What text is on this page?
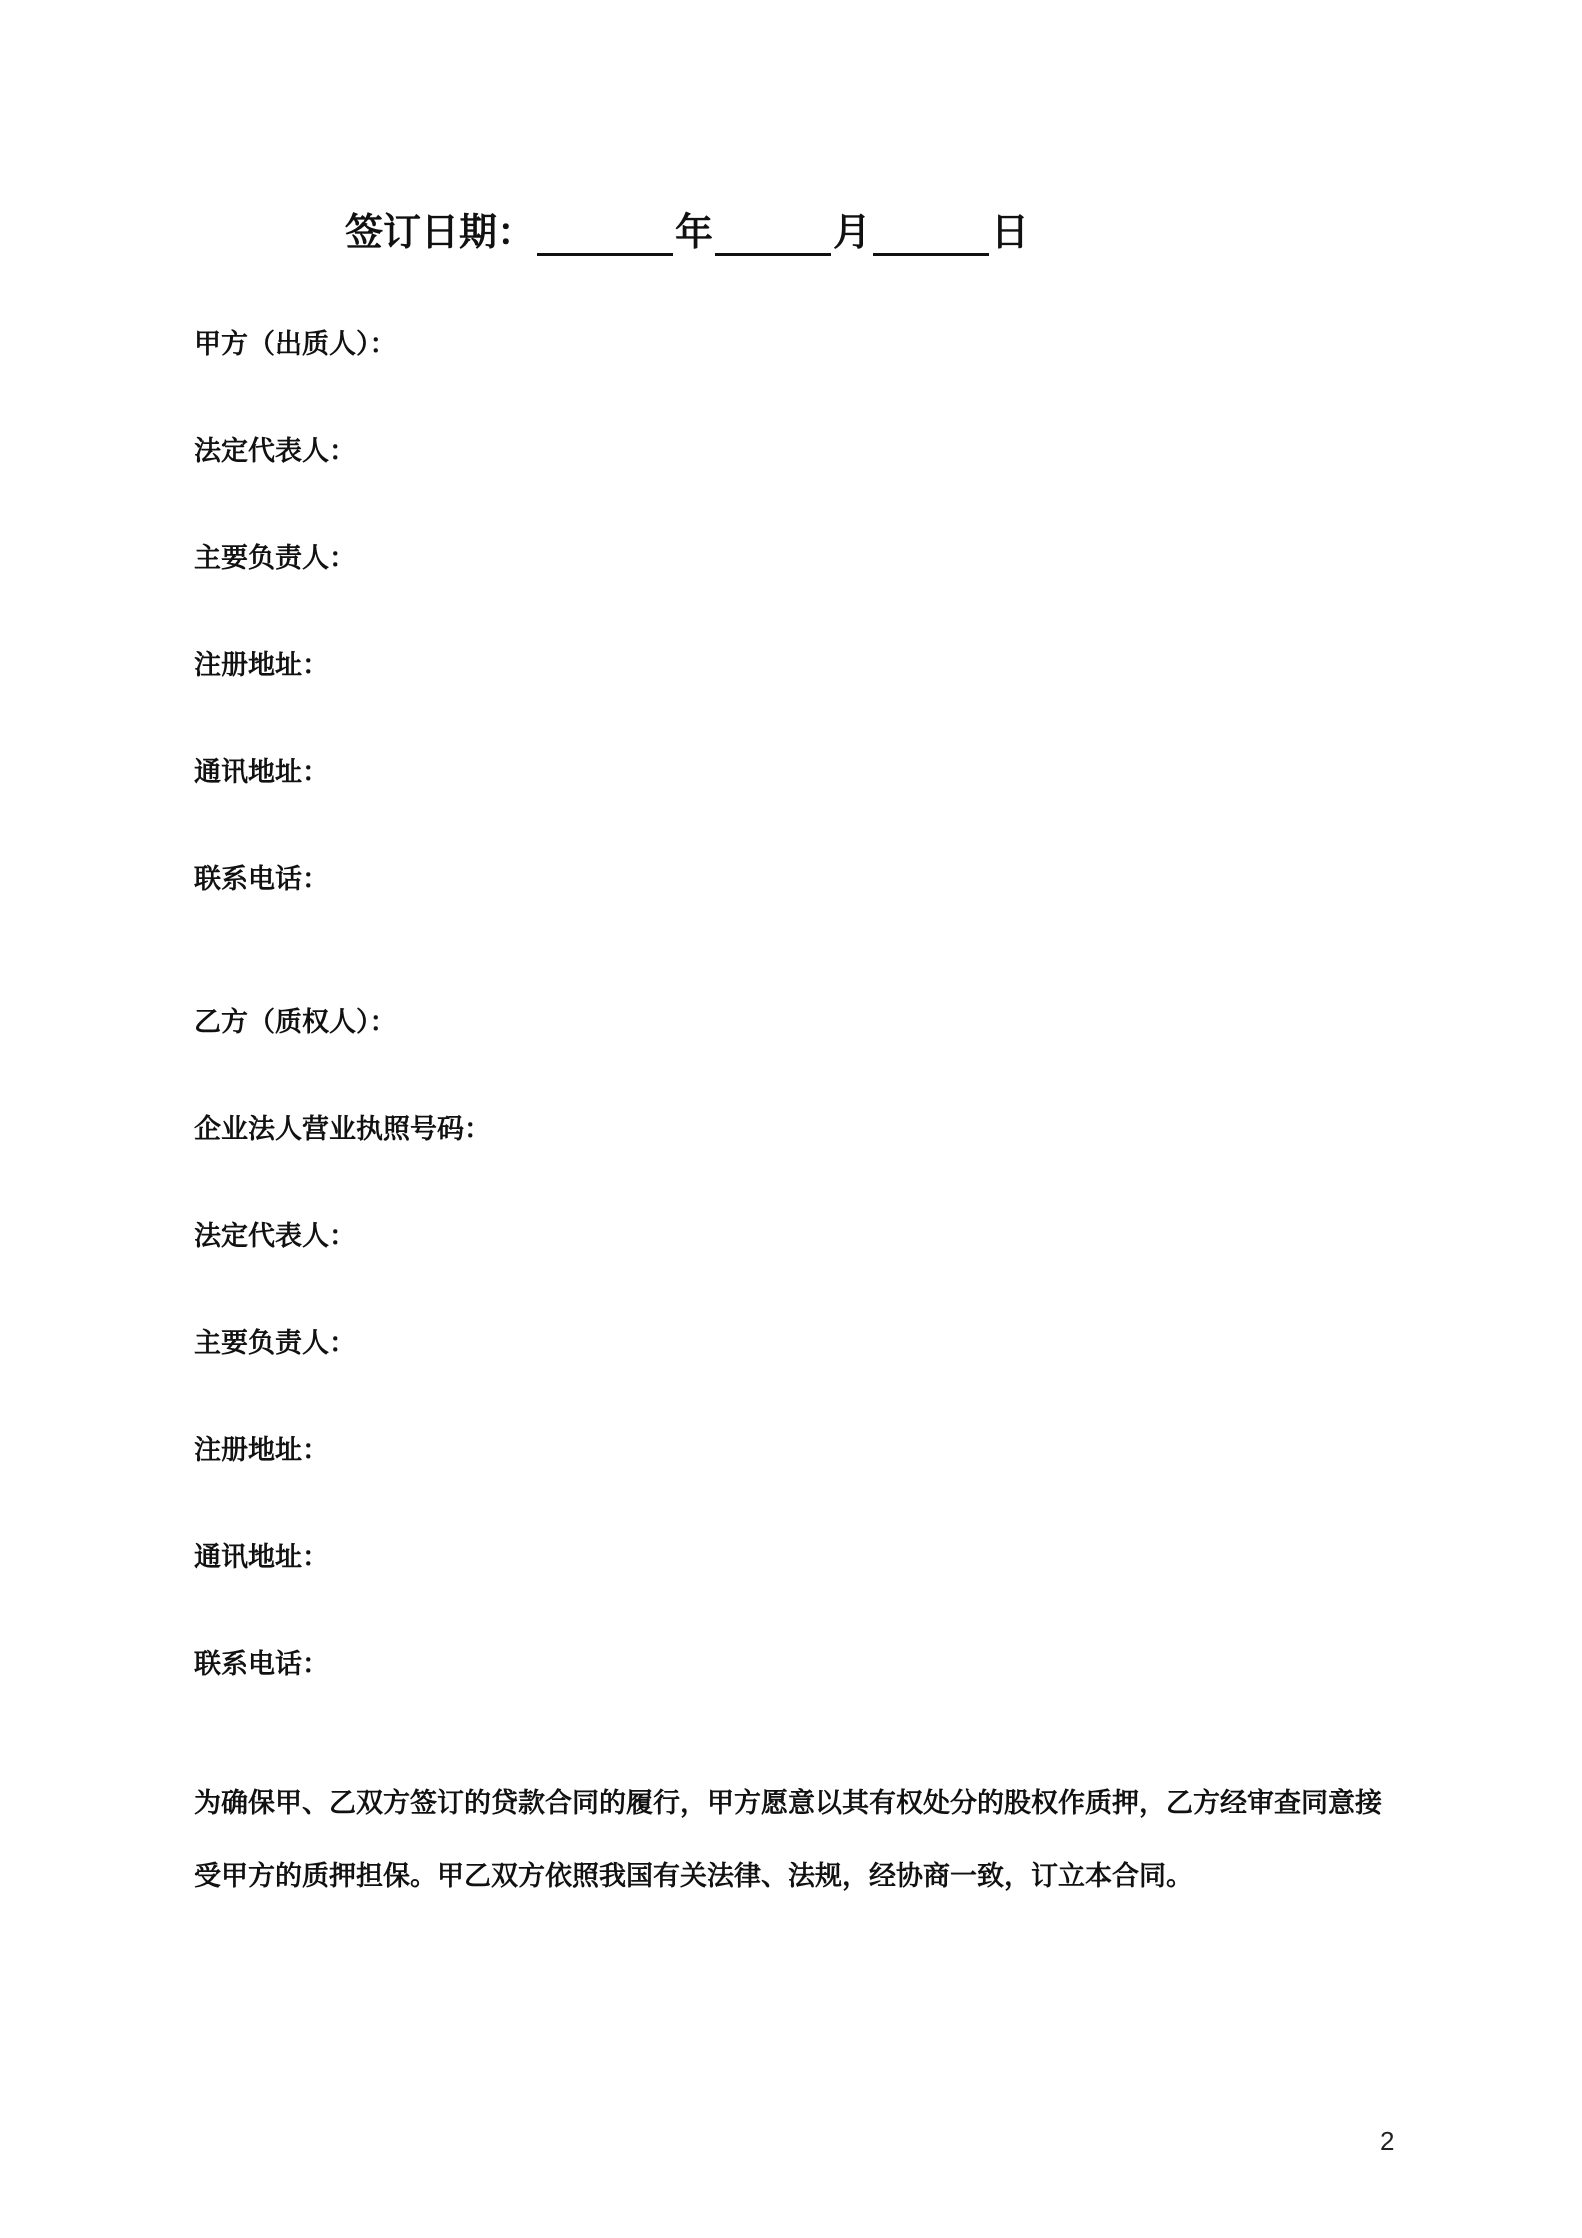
签订日期：	年	月	日
甲方（出质人）：
法定代表人：
主要负责人：
注册地址：
通讯地址：
联系电话：
乙方（质权人）：
企业法人营业执照号码：
法定代表人：
主要负责人：
注册地址：
通讯地址：
联系电话：
为确保甲、乙双方签订的贷款合同的履行，甲方愿意以其有权处分的股权作质押，乙方经审查同意接
受甲方的质押担保。甲乙双方依照我国有关法律、法规，经协商一致，订立本合同。
2
